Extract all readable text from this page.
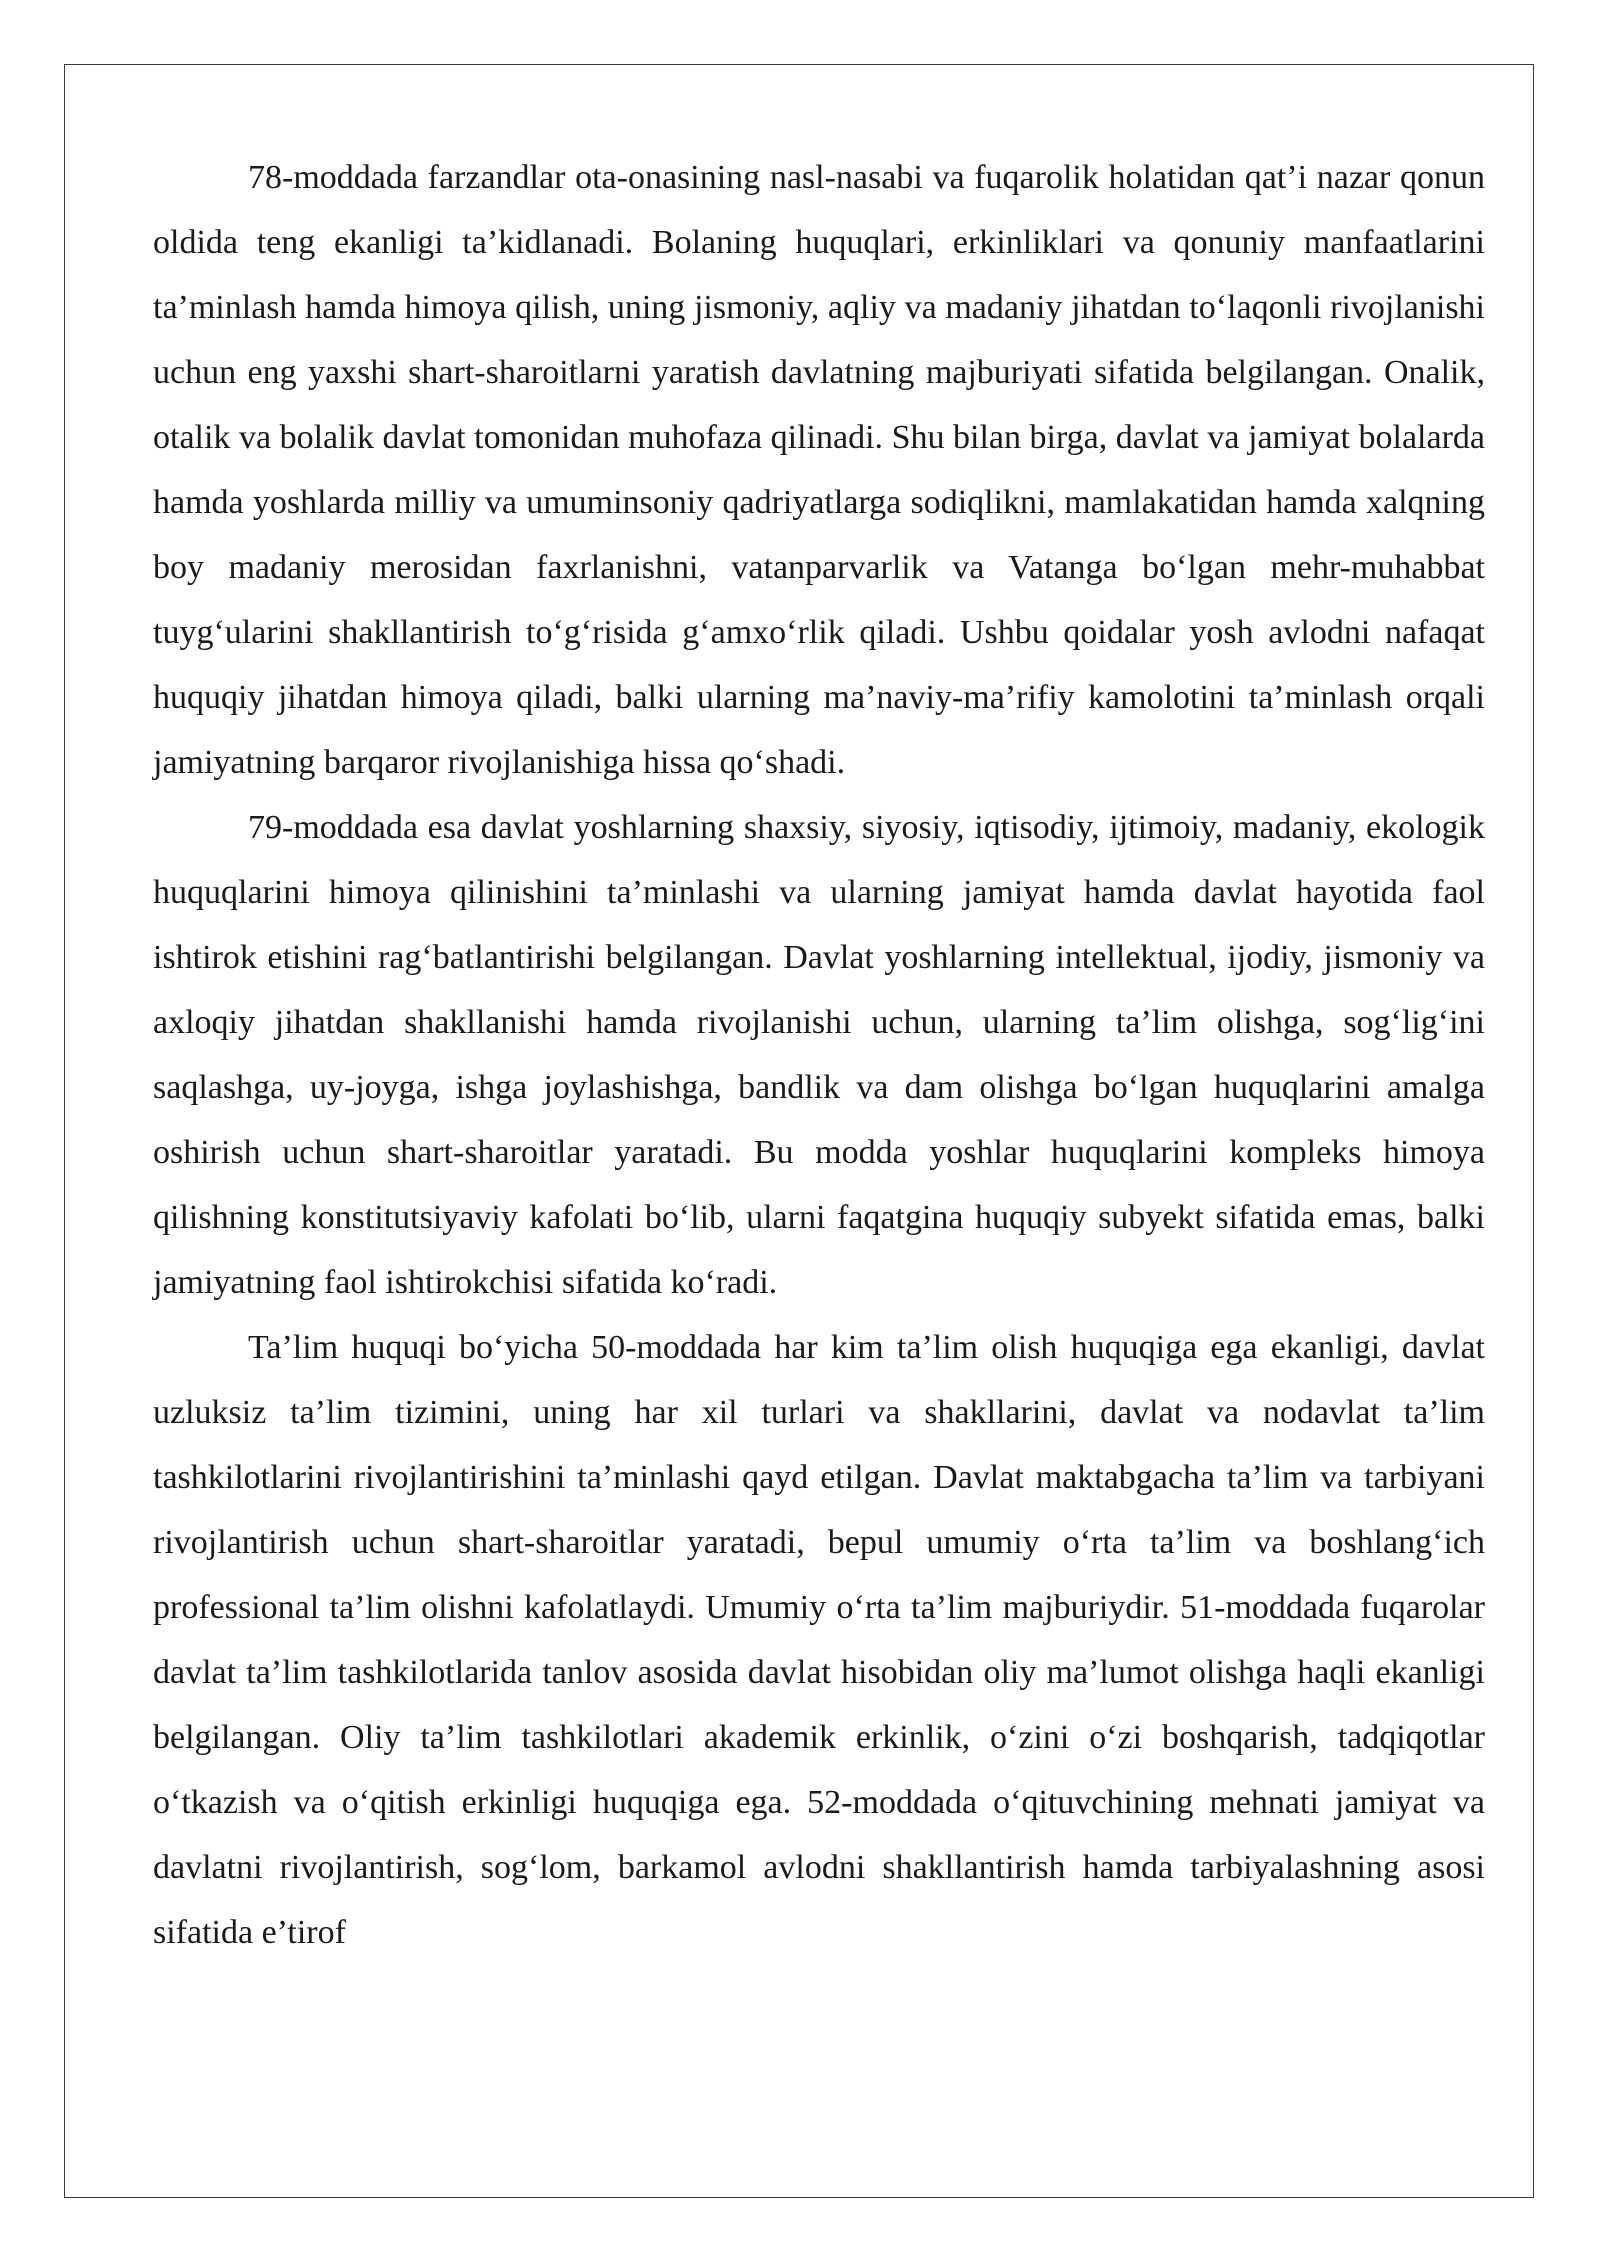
78-moddada farzandlar ota-onasining nasl-nasabi va fuqarolik holatidan qat’i nazar qonun oldida teng ekanligi ta’kidlanadi. Bolaning huquqlari, erkinliklari va qonuniy manfaatlarini ta’minlash hamda himoya qilish, uning jismoniy, aqliy va madaniy jihatdan to‘laqonli rivojlanishi uchun eng yaxshi shart-sharoitlarni yaratish davlatning majburiyati sifatida belgilangan. Onalik, otalik va bolalik davlat tomonidan muhofaza qilinadi. Shu bilan birga, davlat va jamiyat bolalarda hamda yoshlarda milliy va umuminsoniy qadriyatlarga sodiqlikni, mamlakatidan hamda xalqning boy madaniy merosidan faxrlanishni, vatanparvarlik va Vatanga bo‘lgan mehr-muhabbat tuyg‘ularini shakllantirish to‘g‘risida g‘amxo‘rlik qiladi. Ushbu qoidalar yosh avlodni nafaqat huquqiy jihatdan himoya qiladi, balki ularning ma’naviy-ma’rifiy kamolotini ta’minlash orqali jamiyatning barqaror rivojlanishiga hissa qo‘shadi.

79-moddada esa davlat yoshlarning shaxsiy, siyosiy, iqtisodiy, ijtimoiy, madaniy, ekologik huquqlarini himoya qilinishini ta’minlashi va ularning jamiyat hamda davlat hayotida faol ishtirok etishini rag‘batlantirishi belgilangan. Davlat yoshlarning intellektual, ijodiy, jismoniy va axloqiy jihatdan shakllanishi hamda rivojlanishi uchun, ularning ta’lim olishga, sog‘lig‘ini saqlashga, uy-joyga, ishga joylashishga, bandlik va dam olishga bo‘lgan huquqlarini amalga oshirish uchun shart-sharoitlar yaratadi. Bu modda yoshlar huquqlarini kompleks himoya qilishning konstitutsiyaviy kafolati bo‘lib, ularni faqatgina huquqiy subyekt sifatida emas, balki jamiyatning faol ishtirokchisi sifatida ko‘radi.

Ta’lim huquqi bo‘yicha 50-moddada har kim ta’lim olish huquqiga ega ekanligi, davlat uzluksiz ta’lim tizimini, uning har xil turlari va shakllarini, davlat va nodavlat ta’lim tashkilotlarini rivojlantirishini ta’minlashi qayd etilgan. Davlat maktabgacha ta’lim va tarbiyani rivojlantirish uchun shart-sharoitlar yaratadi, bepul umumiy o‘rta ta’lim va boshlang‘ich professional ta’lim olishni kafolatlaydi. Umumiy o‘rta ta’lim majburiydir. 51-moddada fuqarolar davlat ta’lim tashkilotlarida tanlov asosida davlat hisobidan oliy ma’lumot olishga haqli ekanligi belgilangan. Oliy ta’lim tashkilotlari akademik erkinlik, o‘zini o‘zi boshqarish, tadqiqotlar o‘tkazish va o‘qitish erkinligi huquqiga ega. 52-moddada o‘qituvchining mehnati jamiyat va davlatni rivojlantirish, sog‘lom, barkamol avlodni shakllantirish hamda tarbiyalashning asosi sifatida e’tirof
